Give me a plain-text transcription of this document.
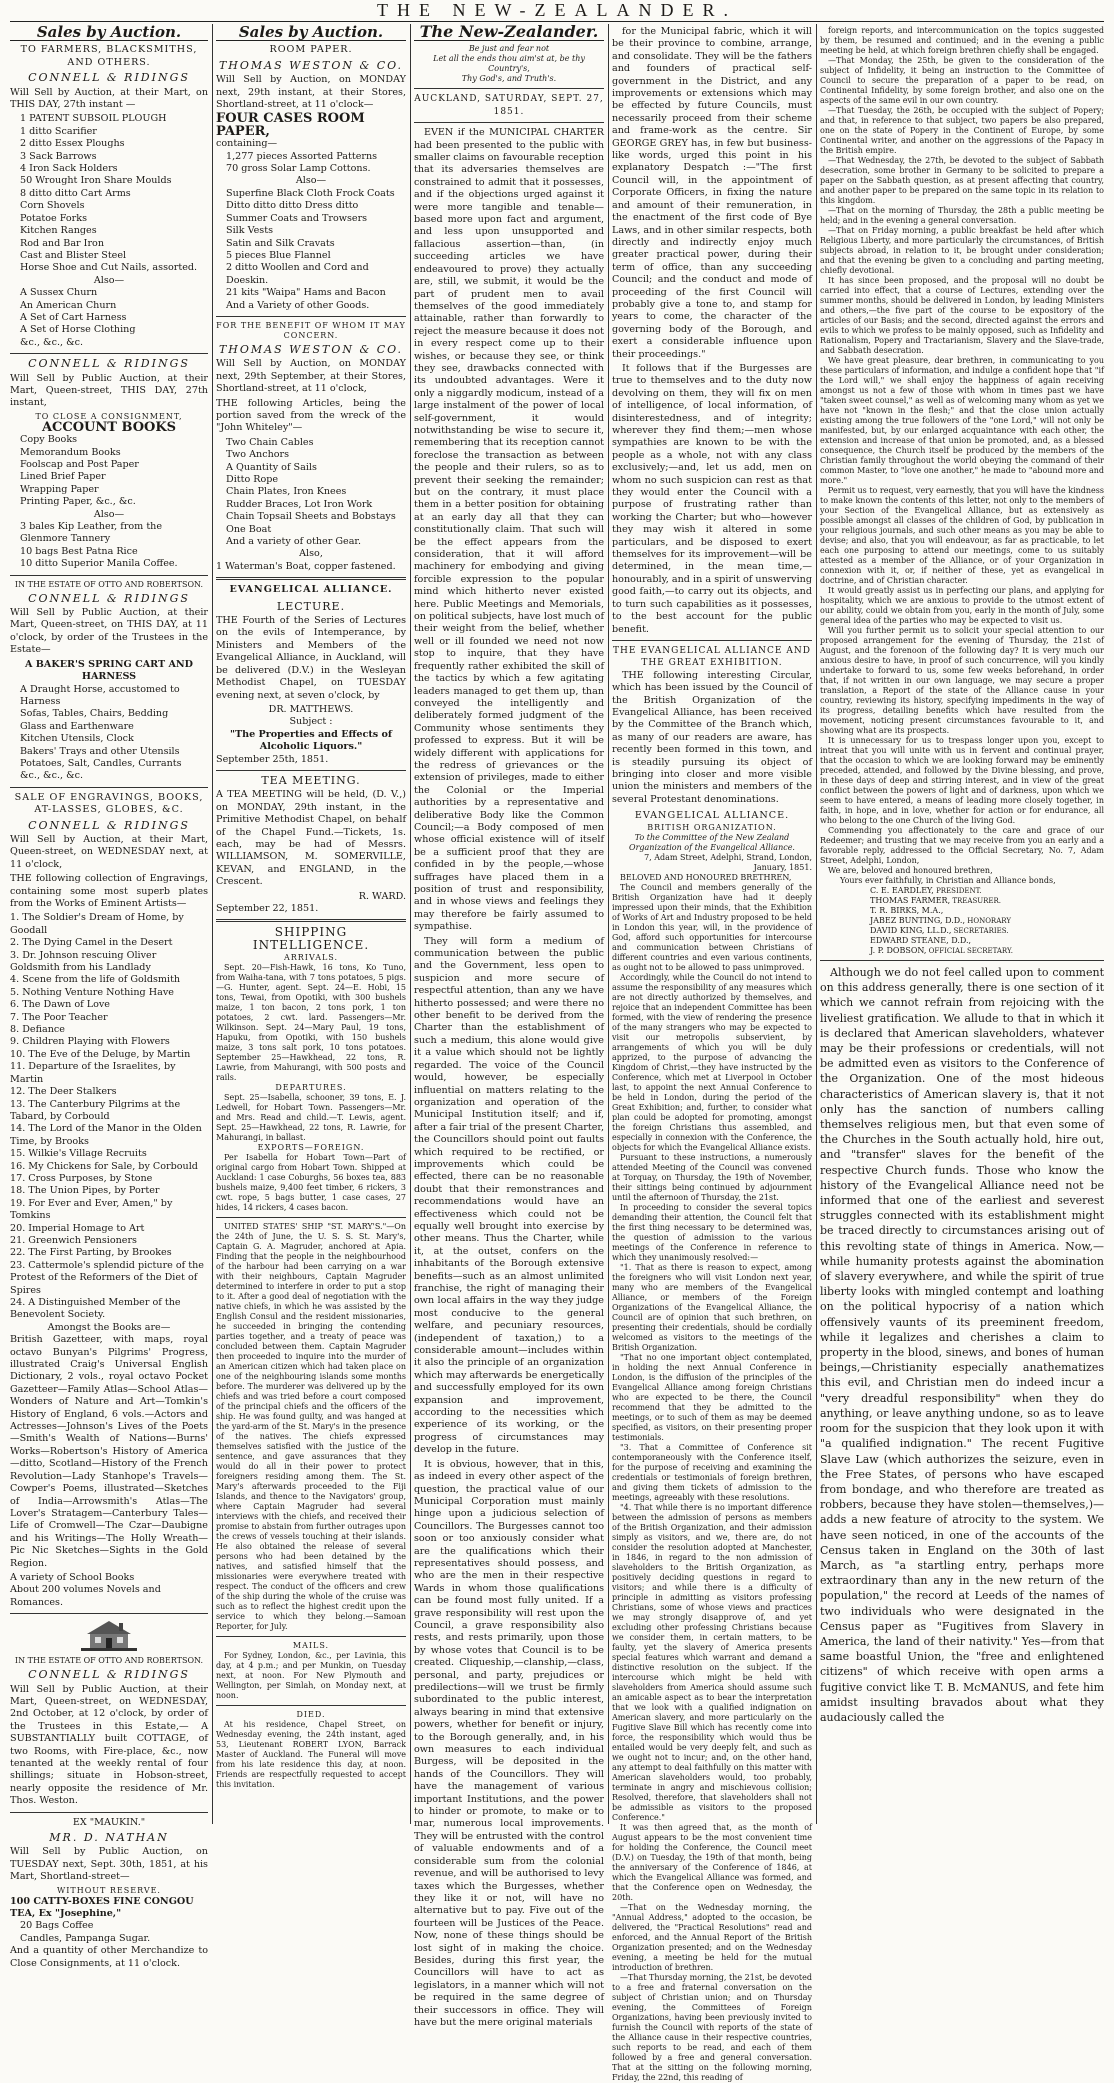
THE NEW-ZEALANDER.
Sales by Auction.
TO FARMERS, BLACKSMITHS, AND OTHERS.
CONNELL & RIDINGS

Will Sell by Auction, at their Mart, on THIS DAY, 27th instant —

1 PATENT SUBSOIL PLOUGH
1 ditto Scarifier
2 ditto Essex Ploughs
3 Sack Barrows
4 Iron Sack Holders
50 Wrought Iron Share Moulds
8 ditto ditto Cart Arms
Corn Shovels
Potatoe Forks
Kitchen Ranges
Rod and Bar Iron
Cast and Blister Steel
Horse Shoe and Cut Nails, assorted.
Also—
A Sussex Churn
An American Churn
A Set of Cart Harness
A Set of Horse Clothing
&c., &c., &c.
CONNELL & RIDINGS

Will Sell by Public Auction, at their Mart, Queen-street, THIS DAY, 27th instant,

TO CLOSE A CONSIGNMENT,
ACCOUNT BOOKS
Copy Books
Memorandum Books
Foolscap and Post Paper
Lined Brief Paper
Wrapping Paper
Printing Paper, &c., &c.
Also—
3 bales Kip Leather, from the Glenmore Tannery
10 bags Best Patna Rice
10 ditto Superior Manila Coffee.
IN THE ESTATE OF OTTO AND ROBERTSON.
CONNELL & RIDINGS

Will Sell by Public Auction, at their Mart, Queen-street, on THIS DAY, at 11 o'clock, by order of the Trustees in the Estate—

A BAKER'S SPRING CART AND HARNESS
A Draught Horse, accustomed to Harness
Sofas, Tables, Chairs, Bedding
Glass and Earthenware
Kitchen Utensils, Clock
Bakers' Trays and other Utensils
Potatoes, Salt, Candles, Currants
&c., &c., &c.
SALE OF ENGRAVINGS, BOOKS, AT-LASSES, GLOBES, &C.
CONNELL & RIDINGS

Will Sell by Auction, at their Mart, Queen-street, on WEDNESDAY next, at 11 o'clock,

THE following collection of Engravings, containing some most superb plates from the Works of Eminent Artists—

1. The Soldier's Dream of Home, by Goodall
2. The Dying Camel in the Desert
3. Dr. Johnson rescuing Oliver Goldsmith from his Landlady
4. Scene from the life of Goldsmith
5. Nothing Venture Nothing Have
6. The Dawn of Love
7. The Poor Teacher
8. Defiance
9. Children Playing with Flowers
10. The Eve of the Deluge, by Martin
11. Departure of the Israelites, by Martin
12. The Deer Stalkers
13. The Canterbury Pilgrims at the Tabard, by Corbould
14. The Lord of the Manor in the Olden Time, by Brooks
15. Wilkie's Village Recruits
16. My Chickens for Sale, by Corbould
17. Cross Purposes, by Stone
18. The Union Pipes, by Porter
19. For Ever and Ever, Amen," by Tomkins
20. Imperial Homage to Art
21. Greenwich Pensioners
22. The First Parting, by Brookes
23. Cattermole's splendid picture of the Protest of the Reformers of the Diet of Spires
24. A Distinguished Member of the Benevolent Society.
Amongst the Books are—

British Gazetteer, with maps, royal octavo Bunyan's Pilgrims' Progress, illustrated Craig's Universal English Dictionary, 2 vols., royal octavo Pocket Gazetteer—Family Atlas—School Atlas—Wonders of Nature and Art—Tomkin's History of England, 6 vols.—Actors and Actresses—Johnson's Lives of the Poets—Smith's Wealth of Nations—Burns' Works—Robertson's History of America—ditto, Scotland—History of the French Revolution—Lady Stanhope's Travels—Cowper's Poems, illustrated—Sketches of India—Arrowsmith's Atlas—The Lover's Stratagem—Canterbury Tales—Life of Cromwell—The Czar—Daubigne and his Writings—The Holly Wreath—Pic Nic Sketches—Sights in the Gold Region.

A variety of School Books
About 200 volumes Novels and Romances.
IN THE ESTATE OF OTTO AND ROBERTSON.
CONNELL & RIDINGS

Will Sell by Public Auction, at their Mart, Queen-street, on WEDNESDAY, 2nd October, at 12 o'clock, by order of the Trustees in this Estate,— A SUBSTANTIALLY built COTTAGE, of two Rooms, with Fire-place, &c., now tenanted at the weekly rental of four shillings; situate in Hobson-street, nearly opposite the residence of Mr. Thos. Weston.

EX "MAUKIN."
MR. D. NATHAN

Will Sell by Public Auction, on TUESDAY next, Sept. 30th, 1851, at his Mart, Shortland-street—

WITHOUT RESERVE.
100 CATTY-BOXES FINE CONGOU TEA, Ex "Josephine,"
20 Bags Coffee
Candles, Pampanga Sugar.

And a quantity of other Merchandize to Close Consignments, at 11 o'clock.

Sales by Auction.
ROOM PAPER.
THOMAS WESTON & CO.

Will Sell by Auction, on MONDAY next, 29th instant, at their Stores, Shortland-street, at 11 o'clock—

FOUR CASES ROOM PAPER,
containing—
1,277 pieces Assorted Patterns
70 gross Solar Lamp Cottons.
Also—
Superfine Black Cloth Frock Coats
Ditto ditto ditto Dress ditto
Summer Coats and Trowsers
Silk Vests
Satin and Silk Cravats
5 pieces Blue Flannel
2 ditto Woollen and Cord and Doeskin.
21 kits "Waipa" Hams and Bacon
And a Variety of other Goods.
FOR THE BENEFIT OF WHOM IT MAY CONCERN.
THOMAS WESTON & CO.

Will Sell by Auction, on MONDAY next, 29th September, at their Stores, Shortland-street, at 11 o'clock,

THE following Articles, being the portion saved from the wreck of the "John Whiteley"—

Two Chain Cables
Two Anchors
A Quantity of Sails
Ditto Rope
Chain Plates, Iron Knees
Rudder Braces, Lot Iron Work
Chain Topsail Sheets and Bobstays
One Boat
And a variety of other Gear.
Also,
1 Waterman's Boat, copper fastened.
EVANGELICAL ALLIANCE.
LECTURE.

THE Fourth of the Series of Lectures on the evils of Intemperance, by Ministers and Members of the Evangelical Alliance, in Auckland, will be delivered (D.V.) in the Wesleyan Methodist Chapel, on TUESDAY evening next, at seven o'clock, by

DR. MATTHEWS.
Subject :
"The Properties and Effects of Alcoholic Liquors."
September 25th, 1851.
TEA MEETING.

A TEA MEETING will be held, (D. V.,) on MONDAY, 29th instant, in the Primitive Methodist Chapel, on behalf of the Chapel Fund.—Tickets, 1s. each, may be had of Messrs. WILLIAMSON, M. SOMERVILLE, KEVAN, and ENGLAND, in the Crescent.

R. WARD.
September 22, 1851.
SHIPPING INTELLIGENCE.
ARRIVALS.

Sept. 20—Fish-Hawk, 16 tons, Ko Tuno, from Waiha-tana, with 7 tons potatoes, 5 pigs.—G. Hunter, agent. Sept. 24—E. Hobi, 15 tons, Tewai, from Opotiki, with 300 bushels maize, 1 ton bacon, 2 tons pork, 1 ton potatoes, 2 cwt. lard. Passengers—Mr. Wilkinson. Sept. 24—Mary Paul, 19 tons, Hapuku, from Opotiki, with 150 bushels maize, 3 tons salt pork, 10 tons potatoes. September 25—Hawkhead, 22 tons, R. Lawrie, from Mahurangi, with 500 posts and rails.

DEPARTURES.

Sept. 25—Isabella, schooner, 39 tons, E. J. Ledwell, for Hobart Town. Passengers—Mr. and Mrs. Read and child.—T. Lewis, agent. Sept. 25—Hawkhead, 22 tons, R. Lawrie, for Mahurangi, in ballast.

EXPORTS—FOREIGN.

Per Isabella for Hobart Town—Part of original cargo from Hobart Town. Shipped at Auckland: 1 case Coburghs, 56 boxes tea, 883 bushels maize, 9,400 feet timber, 6 rickers, 3 cwt. rope, 5 bags butter, 1 case cases, 27 hides, 14 rickers, 4 cases bacon.

UNITED STATES' SHIP "ST. MARY'S."—On the 24th of June, the U. S. S. St. Mary's, Captain G. A. Magruder, anchored at Apia. Finding that the people in the neighbourhood of the harbour had been carrying on a war with their neighbours, Captain Magruder determined to interfere in order to put a stop to it. After a good deal of negotiation with the native chiefs, in which he was assisted by the English Consul and the resident missionaries, he succeeded in bringing the contending parties together, and a treaty of peace was concluded between them. Captain Magruder then proceeded to inquire into the murder of an American citizen which had taken place on one of the neighbouring islands some months before. The murderer was delivered up by the chiefs and was tried before a court composed of the principal chiefs and the officers of the ship. He was found guilty, and was hanged at the yard-arm of the St. Mary's in the presence of the natives. The chiefs expressed themselves satisfied with the justice of the sentence, and gave assurances that they would do all in their power to protect foreigners residing among them. The St. Mary's afterwards proceeded to the Fiji Islands, and thence to the Navigators' group, where Captain Magruder had several interviews with the chiefs, and received their promise to abstain from further outrages upon the crews of vessels touching at their islands. He also obtained the release of several persons who had been detained by the natives, and satisfied himself that the missionaries were everywhere treated with respect. The conduct of the officers and crew of the ship during the whole of the cruise was such as to reflect the highest credit upon the service to which they belong.—Samoan Reporter, for July.

MAILS.

For Sydney, London, &c., per Lavinia, this day, at 4 p.m.; and per Munkin, on Tuesday next, at noon. For New Plymouth and Wellington, per Simlah, on Monday next, at noon.

DIED.

At his residence, Chapel Street, on Wednesday evening, the 24th instant, aged 53, Lieutenant ROBERT LYON, Barrack Master of Auckland. The Funeral will move from his late residence this day, at noon. Friends are respectfully requested to accept this invitation.

The New-Zealander.
Be just and fear not
Let all the ends thou aim'st at, be thy Country's,
Thy God's, and Truth's.
AUCKLAND, SATURDAY, SEPT. 27, 1851.

EVEN if the MUNICIPAL CHARTER had been presented to the public with smaller claims on favourable reception that its adversaries themselves are constrained to admit that it possesses, and if the objections urged against it were more tangible and tenable—based more upon fact and argument, and less upon unsupported and fallacious assertion—than, (in succeeding articles we have endeavoured to prove) they actually are, still, we submit, it would be the part of prudent men to avail themselves of the good immediately attainable, rather than forwardly to reject the measure because it does not in every respect come up to their wishes, or because they see, or think they see, drawbacks connected with its undoubted advantages. Were it only a niggardly modicum, instead of a large instalment of the power of local self-government, it would notwithstanding be wise to secure it, remembering that its reception cannot foreclose the transaction as between the people and their rulers, so as to prevent their seeking the remainder; but on the contrary, it must place them in a better position for obtaining at an early day all that they can constitutionally claim. That such will be the effect appears from the consideration, that it will afford machinery for embodying and giving forcible expression to the popular mind which hitherto never existed here. Public Meetings and Memorials, on political subjects, have lost much of their weight from the belief, whether well or ill founded we need not now stop to inquire, that they have frequently rather exhibited the skill of the tactics by which a few agitating leaders managed to get them up, than conveyed the intelligently and deliberately formed judgment of the Community whose sentiments they professed to express. But it will be widely different with applications for the redress of grievances or the extension of privileges, made to either the Colonial or the Imperial authorities by a representative and deliberative Body like the Common Council;—a Body composed of men whose official existence will of itself be a sufficient proof that they are confided in by the people,—whose suffrages have placed them in a position of trust and responsibility, and in whose views and feelings they may therefore be fairly assumed to sympathise.

They will form a medium of communication between the public and the Government, less open to suspicion and more secure of respectful attention, than any we have hitherto possessed; and were there no other benefit to be derived from the Charter than the establishment of such a medium, this alone would give it a value which should not be lightly regarded. The voice of the Council would, however, be especially influential on matters relating to the organization and operation of the Municipal Institution itself; and if, after a fair trial of the present Charter, the Councillors should point out faults which required to be rectified, or improvements which could be effected, there can be no reasonable doubt that their remonstrances and recommendations would have an effectiveness which could not be equally well brought into exercise by other means. Thus the Charter, while it, at the outset, confers on the inhabitants of the Borough extensive benefits—such as an almost unlimited franchise, the right of managing their own local affairs in the way they judge most conducive to the general welfare, and pecuniary resources, (independent of taxation,) to a considerable amount—includes within it also the principle of an organization which may afterwards be energetically and successfully employed for its own expansion and improvement, according to the necessities which experience of its working, or the progress of circumstances may develop in the future.

It is obvious, however, that in this, as indeed in every other aspect of the question, the practical value of our Municipal Corporation must mainly hinge upon a judicious selection of Councillors. The Burgesses cannot too soon or too anxiously consider what are the qualifications which their representatives should possess, and who are the men in their respective Wards in whom those qualifications can be found most fully united. If a grave responsibility will rest upon the Council, a grave responsibility also rests, and rests primarily, upon those by whose votes that Council is to be created. Cliqueship,—clanship,—class, personal, and party, prejudices or predilections—will we trust be firmly subordinated to the public interest, always bearing in mind that extensive powers, whether for benefit or injury, to the Borough generally, and, in his own measures to each individual Burgess, will be deposited in the hands of the Councillors. They will have the management of various important Institutions, and the power to hinder or promote, to make or to mar, numerous local improvements. They will be entrusted with the control of valuable endowments and of a considerable sum from the colonial revenue, and will be authorised to levy taxes which the Burgesses, whether they like it or not, will have no alternative but to pay. Five out of the fourteen will be Justices of the Peace. Now, none of these things should be lost sight of in making the choice. Besides, during this first year, the Councillors will have to act as legislators, in a manner which will not be required in the same degree of their successors in office. They will have but the mere original materials

for the Municipal fabric, which it will be their province to combine, arrange, and consolidate. They will be the fathers and founders of practical self-government in the District, and any improvements or extensions which may be effected by future Councils, must necessarily proceed from their scheme and frame-work as the centre. Sir GEORGE GREY has, in few but business-like words, urged this point in his explanatory Despatch :—"The first Council will, in the appointment of Corporate Officers, in fixing the nature and amount of their remuneration, in the enactment of the first code of Bye Laws, and in other similar respects, both directly and indirectly enjoy much greater practical power, during their term of office, than any succeeding Council; and the conduct and mode of proceeding of the first Council will probably give a tone to, and stamp for years to come, the character of the governing body of the Borough, and exert a considerable influence upon their proceedings."

It follows that if the Burgesses are true to themselves and to the duty now devolving on them, they will fix on men of intelligence, of local information, of disinterestedness, and of integrity; wherever they find them;—men whose sympathies are known to be with the people as a whole, not with any class exclusively;—and, let us add, men on whom no such suspicion can rest as that they would enter the Council with a purpose of frustrating rather than working the Charter; but who—however they may wish it altered in some particulars, and be disposed to exert themselves for its improvement—will be determined, in the mean time,—honourably, and in a spirit of unswerving good faith,—to carry out its objects, and to turn such capabilities as it possesses, to the best account for the public benefit.

THE EVANGELICAL ALLIANCE AND THE GREAT EXHIBITION.

THE following interesting Circular, which has been issued by the Council of the British Organization of the Evangelical Alliance, has been received by the Committee of the Branch which, as many of our readers are aware, has recently been formed in this town, and is steadily pursuing its object of bringing into closer and more visible union the ministers and members of the several Protestant denominations.

EVANGELICAL ALLIANCE.
BRITISH ORGANIZATION.
To the Committee of the New Zealand Organization of the Evangelical Alliance.
7, Adam Street, Adelphi, Strand, London, January, 1851.

BELOVED AND HONOURED BRETHREN,

The Council and members generally of the British Organization have had it deeply impressed upon their minds, that the Exhibition of Works of Art and Industry proposed to be held in London this year, will, in the providence of God, afford such opportunities for intercourse and communication between Christians of different countries and even various continents, as ought not to be allowed to pass unimproved.

Accordingly, while the Council do not intend to assume the responsibility of any measures which are not directly authorized by themselves, and rejoice that an independent Committee has been formed, with the view of rendering the presence of the many strangers who may be expected to visit our metropolis subservient, by arrangements of which you will be duly apprized, to the purpose of advancing the Kingdom of Christ,—they have instructed by the Conference, which met at Liverpool in October last, to appoint the next Annual Conference to be held in London, during the period of the Great Exhibition; and, further, to consider what plan could be adopted for promoting, amongst the foreign Christians thus assembled, and especially in connexion with the Conference, the objects for which the Evangelical Alliance exists.

Pursuant to these instructions, a numerously attended Meeting of the Council was convened at Torquay, on Thursday, the 19th of November, their sittings being continued by adjournment until the afternoon of Thursday, the 21st.

In proceeding to consider the several topics demanding their attention, the Council felt that the first thing necessary to be determined was, the question of admission to the various meetings of the Conference in reference to which they unanimously resolved:—

"1. That as there is reason to expect, among the foreigners who will visit London next year, many who are members of the Evangelical Alliance, or members of the Foreign Organizations of the Evangelical Alliance, the Council are of opinion that such brethren, on presenting their credentials, should be cordially welcomed as visitors to the meetings of the British Organization.

"That no one important object contemplated, in holding the next Annual Conference in London, is the diffusion of the principles of the Evangelical Alliance among foreign Christians who are expected to be there, the Council recommend that they be admitted to the meetings, or to such of them as may be deemed specified, as visitors, on their presenting proper testimonials.

"3. That a Committee of Conference sit contemporaneously with the Conference itself, for the purpose of receiving and examining the credentials or testimonials of foreign brethren, and giving them tickets of admission to the meetings, agreeably with these resolutions.

"4. That while there is no important difference between the admission of persons as members of the British Organization, and their admission simply as visitors, and we, there are, do not consider the resolution adopted at Manchester, in 1846, in regard to the non admission of slaveholders to the British Organization, as positively deciding questions in regard to visitors; and while there is a difficulty of principle in admitting as visitors professing Christians, some of whose views and practices we may strongly disapprove of, and yet excluding other professing Christians because we consider them, in certain matters, to be faulty, yet the slavery of America presents special features which warrant and demand a distinctive resolution on the subject. If the intercourse which might be held with slaveholders from America should assume such an amicable aspect as to bear the interpretation that we look with a qualified indignation on American slavery, and more particularly on the Fugitive Slave Bill which has recently come into force, the responsibility which would thus be entailed would be very deeply felt, and such as we ought not to incur; and, on the other hand, any attempt to deal faithfully on this matter with American slaveholders would, too probably, terminate in angry and mischievous collision; Resolved, therefore, that slaveholders shall not be admissible as visitors to the proposed Conference."

It was then agreed that, as the month of August appears to be the most convenient time for holding the Conference, the Council meet (D.V.) on Tuesday, the 19th of that month, being the anniversary of the Conference of 1846, at which the Evangelical Alliance was formed, and that the Conference open on Wednesday, the 20th.

—That on the Wednesday morning, the "Annual Address," adopted to the occasion, be delivered, the "Practical Resolutions" read and enforced, and the Annual Report of the British Organization presented; and on the Wednesday evening, a meeting be held for the mutual introduction of brethren.

—That Thursday morning, the 21st, be devoted to a free and fraternal conversation on the subject of Christian union; and on Thursday evening, the Committees of Foreign Organizations, having been previously invited to furnish the Council with reports of the state of the Alliance cause in their respective countries, such reports to be read, and each of them followed by a free and general conversation. That at the sitting on the following morning, Friday, the 22nd, this reading of

foreign reports, and intercommunication on the topics suggested by them, be resumed and continued; and in the evening a public meeting be held, at which foreign brethren chiefly shall be engaged.

—That Monday, the 25th, be given to the consideration of the subject of Infidelity, it being an instruction to the Committee of Council to secure the preparation of a paper to be read, on Continental Infidelity, by some foreign brother, and also one on the aspects of the same evil in our own country.

—That Tuesday, the 26th, be occupied with the subject of Popery; and that, in reference to that subject, two papers be also prepared, one on the state of Popery in the Continent of Europe, by some Continental writer, and another on the aggressions of the Papacy in the British empire.

—That Wednesday, the 27th, be devoted to the subject of Sabbath desecration, some brother in Germany to be solicited to prepare a paper on the Sabbath question, as at present affecting that country, and another paper to be prepared on the same topic in its relation to this kingdom.

—That on the morning of Thursday, the 28th a public meeting be held; and in the evening a general conversation.

—That on Friday morning, a public breakfast be held after which Religious Liberty, and more particularly the circumstances, of British subjects abroad, in relation to it, be brought under consideration; and that the evening be given to a concluding and parting meeting, chiefly devotional.

It has since been proposed, and the proposal will no doubt be carried into effect, that a course of Lectures, extending over the summer months, should be delivered in London, by leading Ministers and others,—the five part of the course to be expository of the articles of our Basis; and the second, directed against the errors and evils to which we profess to be mainly opposed, such as Infidelity and Rationalism, Popery and Tractarianism, Slavery and the Slave-trade, and Sabbath desecration.

We have great pleasure, dear brethren, in communicating to you these particulars of information, and indulge a confident hope that "if the Lord will," we shall enjoy the happiness of again receiving amongst us not a few of those with whom in times past we have "taken sweet counsel," as well as of welcoming many whom as yet we have not "known in the flesh;" and that the close union actually existing among the true followers of the "one Lord," will not only be manifested, but, by our enlarged acquaintance with each other, the extension and increase of that union be promoted, and, as a blessed consequence, the Church itself be produced by the members of the Christian family throughout the world obeying the command of their common Master, to "love one another," he made to "abound more and more."

Permit us to request, very earnestly, that you will have the kindness to make known the contents of this letter, not only to the members of your Section of the Evangelical Alliance, but as extensively as possible amongst all classes of the children of God, by publication in your religious journals, and such other means as you may be able to devise; and also, that you will endeavour, as far as practicable, to let each one purposing to attend our meetings, come to us suitably attested as a member of the Alliance, or of your Organization in connexion with it, or, if neither of these, yet as evangelical in doctrine, and of Christian character.

It would greatly assist us in perfecting our plans, and applying for hospitality, which we are anxious to provide to the utmost extent of our ability, could we obtain from you, early in the month of July, some general idea of the parties who may be expected to visit us.

Will you further permit us to solicit your special attention to our proposed arrangement for the evening of Thursday, the 21st of August, and the forenoon of the following day? It is very much our anxious desire to have, in proof of such concurrence, will you kindly undertake to forward to us, some few weeks beforehand, in order that, if not written in our own language, we may secure a proper translation, a Report of the state of the Alliance cause in your country, reviewing its history, specifying impediments in the way of its progress, detailing benefits which have resulted from the movement, noticing present circumstances favourable to it, and showing what are its prospects.

It is unnecessary for us to trespass longer upon you, except to intreat that you will unite with us in fervent and continual prayer, that the occasion to which we are looking forward may be eminently preceded, attended, and followed by the Divine blessing, and prove, in these days of deep and stirring interest, and in view of the great conflict between the powers of light and of darkness, upon which we seem to have entered, a means of leading more closely together, in faith, in hope, and in love, whether for action or for endurance, all who belong to the one Church of the living God.

Commending you affectionately to the care and grace of our Redeemer; and trusting that we may receive from you an early and a favorable reply, addressed to the Official Secretary, No. 7, Adam Street, Adelphi, London,

We are, beloved and honoured brethren,

Yours ever faithfully, in Christian and Alliance bonds,
C. E. EARDLEY, PRESIDENT.
THOMAS FARMER, TREASURER.
T. R. BIRKS, M.A.,
JABEZ BUNTING, D.D., HONORARY
DAVID KING, LL.D., SECRETARIES.
EDWARD STEANE, D.D.,
J. P. DOBSON, OFFICIAL SECRETARY.

Although we do not feel called upon to comment on this address generally, there is one section of it which we cannot refrain from rejoicing with the liveliest gratification. We allude to that in which it is declared that American slaveholders, whatever may be their professions or credentials, will not be admitted even as visitors to the Conference of the Organization. One of the most hideous characteristics of American slavery is, that it not only has the sanction of numbers calling themselves religious men, but that even some of the Churches in the South actually hold, hire out, and "transfer" slaves for the benefit of the respective Church funds. Those who know the history of the Evangelical Alliance need not be informed that one of the earliest and severest struggles connected with its establishment might be traced directly to circumstances arising out of this revolting state of things in America. Now,—while humanity protests against the abomination of slavery everywhere, and while the spirit of true liberty looks with mingled contempt and loathing on the political hypocrisy of a nation which offensively vaunts of its preeminent freedom, while it legalizes and cherishes a claim to property in the blood, sinews, and bones of human beings,—Christianity especially anathematizes this evil, and Christian men do indeed incur a "very dreadful responsibility" when they do anything, or leave anything undone, so as to leave room for the suspicion that they look upon it with "a qualified indignation." The recent Fugitive Slave Law (which authorizes the seizure, even in the Free States, of persons who have escaped from bondage, and who therefore are treated as robbers, because they have stolen—themselves,)—adds a new feature of atrocity to the system. We have seen noticed, in one of the accounts of the Census taken in England on the 30th of last March, as "a startling entry, perhaps more extraordinary than any in the new return of the population," the record at Leeds of the names of two individuals who were designated in the Census paper as "Fugitives from Slavery in America, the land of their nativity." Yes—from that same boastful Union, the "free and enlightened citizens" of which receive with open arms a fugitive convict like T. B. McMANUS, and fete him amidst insulting bravados about what they audaciously called the
